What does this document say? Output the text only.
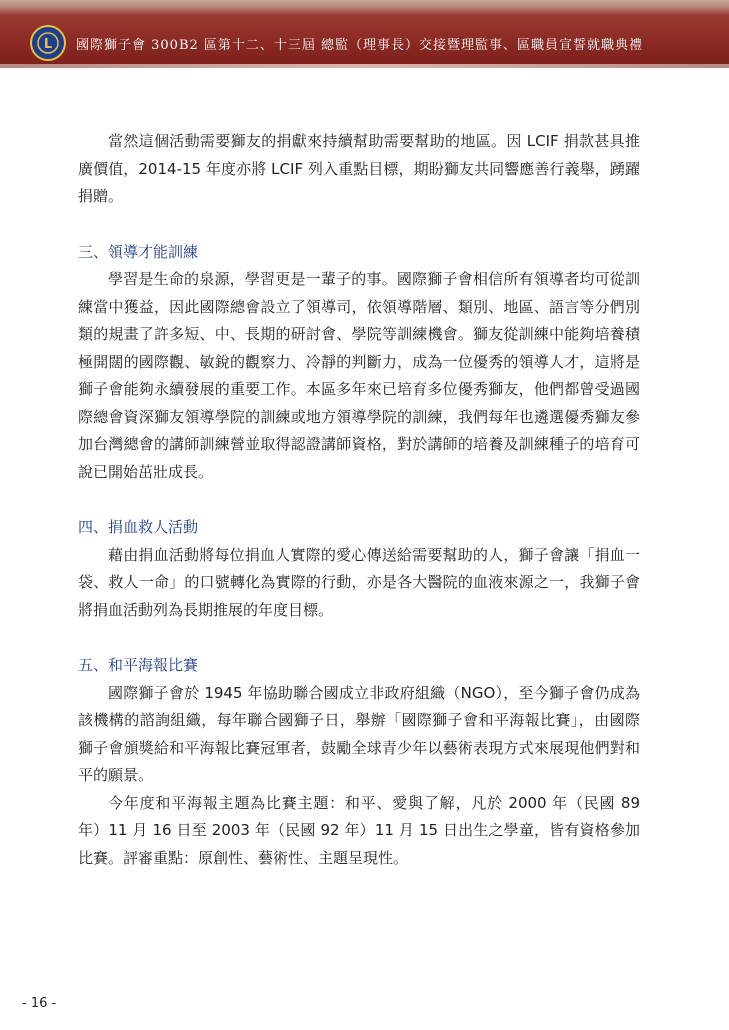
L 國際獅子會 300B2 區第十二、十三屆 總監（理事長）交接暨理監事、區職員宣誓就職典禮

當然這個活動需要獅友的捐獻來持續幫助需要幫助的地區。因 LCIF 捐款甚具推廣價值，2014-15 年度亦將 LCIF 列入重點目標，期盼獅友共同響應善行義舉，踴躍捐贈。

三、領導才能訓練

學習是生命的泉源，學習更是一輩子的事。國際獅子會相信所有領導者均可從訓練當中獲益，因此國際總會設立了領導司，依領導階層、類別、地區、語言等分們別類的規畫了許多短、中、長期的研討會、學院等訓練機會。獅友從訓練中能夠培養積極開闊的國際觀、敏銳的觀察力、冷靜的判斷力，成為一位優秀的領導人才，這將是獅子會能夠永續發展的重要工作。本區多年來已培育多位優秀獅友，他們都曾受過國際總會資深獅友領導學院的訓練或地方領導學院的訓練，我們每年也遴選優秀獅友參加台灣總會的講師訓練營並取得認證講師資格，對於講師的培養及訓練種子的培育可說已開始茁壯成長。

四、捐血救人活動

藉由捐血活動將每位捐血人實際的愛心傳送給需要幫助的人，獅子會讓「捐血一袋、救人一命」的口號轉化為實際的行動，亦是各大醫院的血液來源之一，我獅子會將捐血活動列為長期推展的年度目標。

五、和平海報比賽

國際獅子會於 1945 年協助聯合國成立非政府組織（NGO），至今獅子會仍成為該機構的諮詢組織，每年聯合國獅子日，舉辦「國際獅子會和平海報比賽」，由國際獅子會頒獎給和平海報比賽冠軍者，鼓勵全球青少年以藝術表現方式來展現他們對和平的願景。

今年度和平海報主題為比賽主題：和平、愛與了解，凡於 2000 年（民國 89 年）11 月 16 日至 2003 年（民國 92 年）11 月 15 日出生之學童，皆有資格參加比賽。評審重點：原創性、藝術性、主題呈現性。

- 16 -
